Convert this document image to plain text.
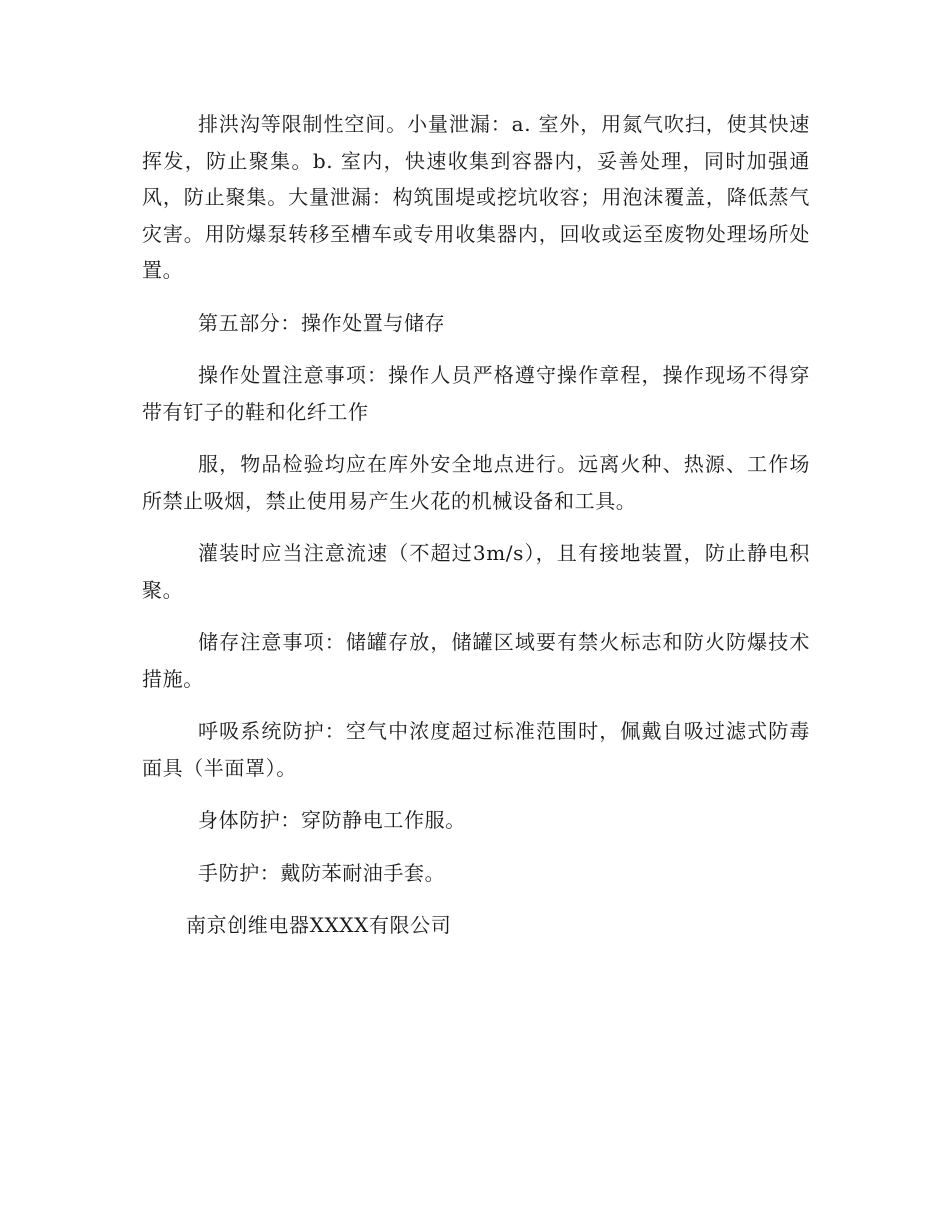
排洪沟等限制性空间。小量泄漏：a. 室外，用氮气吹扫，使其快速挥发，防止聚集。b. 室内，快速收集到容器内，妥善处理，同时加强通风，防止聚集。大量泄漏：构筑围堤或挖坑收容；用泡沫覆盖，降低蒸气灾害。用防爆泵转移至槽车或专用收集器内，回收或运至废物处理场所处置。

第五部分：操作处置与储存

操作处置注意事项：操作人员严格遵守操作章程，操作现场不得穿带有钉子的鞋和化纤工作

服，物品检验均应在库外安全地点进行。远离火种、热源、工作场所禁止吸烟，禁止使用易产生火花的机械设备和工具。

灌装时应当注意流速（不超过3m/s），且有接地装置，防止静电积聚。

储存注意事项：储罐存放，储罐区域要有禁火标志和防火防爆技术措施。

呼吸系统防护：空气中浓度超过标准范围时，佩戴自吸过滤式防毒面具（半面罩）。

身体防护：穿防静电工作服。

手防护：戴防苯耐油手套。

南京创维电器XXXX有限公司
